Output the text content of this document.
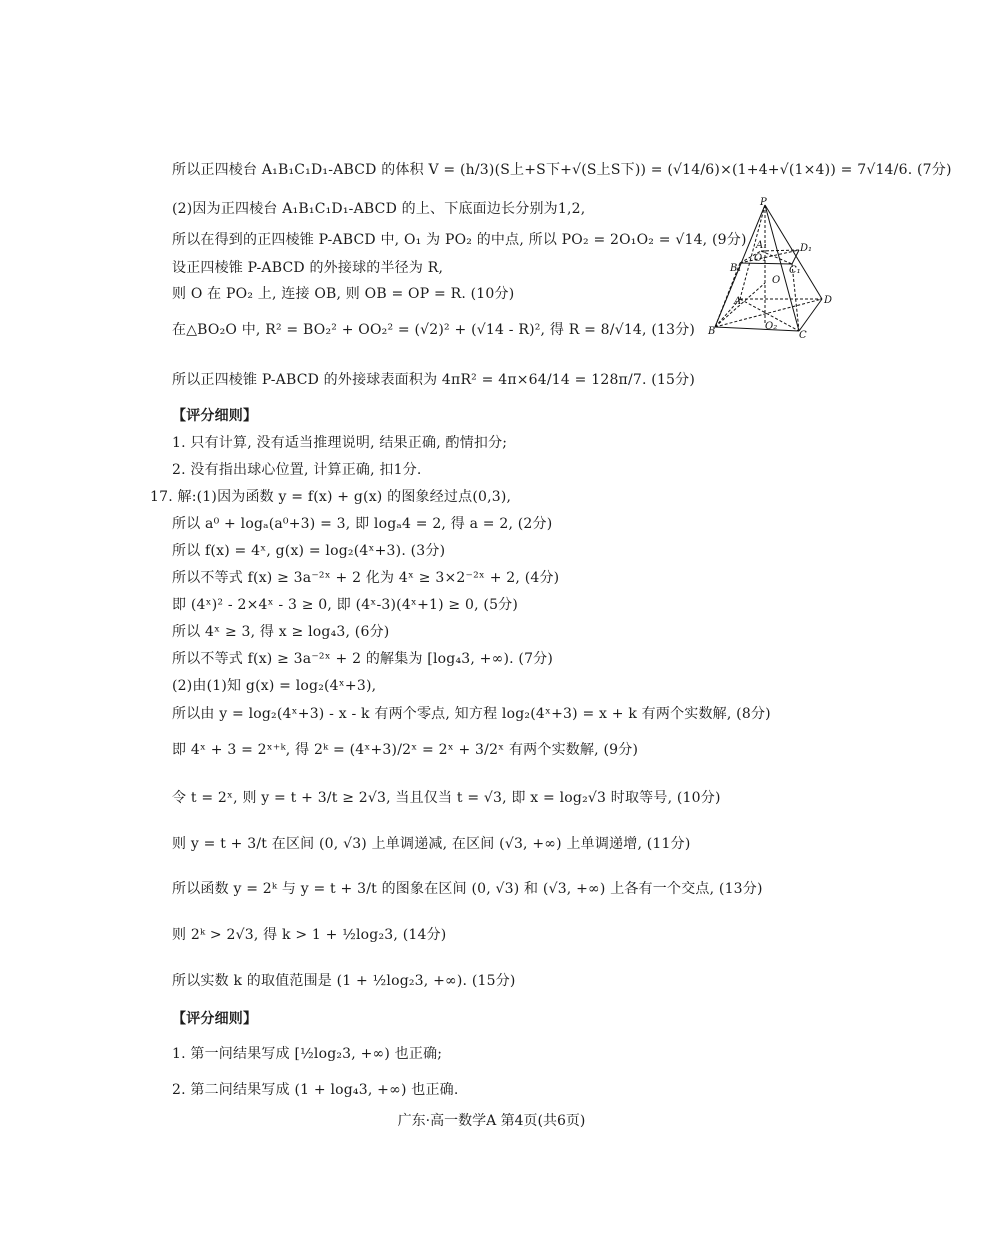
所以正四棱台 A₁B₁C₁D₁-ABCD 的体积 V = (h/3)(S上+S下+√(S上S下)) = (√14/6)×(1+4+√(1×4)) = 7√14/6. (7分)
(2)因为正四棱台 A₁B₁C₁D₁-ABCD 的上、下底面边长分别为1,2,
所以在得到的正四棱锥 P-ABCD 中, O₁ 为 PO₂ 的中点, 所以 PO₂ = 2O₁O₂ = √14, (9分)
设正四棱锥 P-ABCD 的外接球的半径为 R,
则 O 在 PO₂ 上, 连接 OB, 则 OB = OP = R. (10分)
在△BO₂O 中, R² = BO₂² + OO₂² = (√2)² + (√14 - R)², 得 R = 8/√14, (13分)
所以正四棱锥 P-ABCD 的外接球表面积为 4πR² = 4π×64/14 = 128π/7. (15分)
【评分细则】
1. 只有计算, 没有适当推理说明, 结果正确, 酌情扣分;
2. 没有指出球心位置, 计算正确, 扣1分.
17. 解:(1)因为函数 y = f(x) + g(x) 的图象经过点(0,3),
所以 a⁰ + logₐ(a⁰+3) = 3, 即 logₐ4 = 2, 得 a = 2, (2分)
所以 f(x) = 4ˣ, g(x) = log₂(4ˣ+3). (3分)
所以不等式 f(x) ≥ 3a⁻²ˣ + 2 化为 4ˣ ≥ 3×2⁻²ˣ + 2, (4分)
即 (4ˣ)² - 2×4ˣ - 3 ≥ 0, 即 (4ˣ-3)(4ˣ+1) ≥ 0, (5分)
所以 4ˣ ≥ 3, 得 x ≥ log₄3, (6分)
所以不等式 f(x) ≥ 3a⁻²ˣ + 2 的解集为 [log₄3, +∞). (7分)
(2)由(1)知 g(x) = log₂(4ˣ+3),
所以由 y = log₂(4ˣ+3) - x - k 有两个零点, 知方程 log₂(4ˣ+3) = x + k 有两个实数解, (8分)
即 4ˣ + 3 = 2ˣ⁺ᵏ, 得 2ᵏ = (4ˣ+3)/2ˣ = 2ˣ + 3/2ˣ 有两个实数解, (9分)
令 t = 2ˣ, 则 y = t + 3/t ≥ 2√3, 当且仅当 t = √3, 即 x = log₂√3 时取等号, (10分)
则 y = t + 3/t 在区间 (0, √3) 上单调递减, 在区间 (√3, +∞) 上单调递增, (11分)
所以函数 y = 2ᵏ 与 y = t + 3/t 的图象在区间 (0, √3) 和 (√3, +∞) 上各有一个交点, (13分)
则 2ᵏ > 2√3, 得 k > 1 + ½log₂3, (14分)
所以实数 k 的取值范围是 (1 + ½log₂3, +∞). (15分)
【评分细则】
1. 第一问结果写成 [½log₂3, +∞) 也正确;
2. 第二问结果写成 (1 + log₄3, +∞) 也正确.
P
A₁
O₁
D₁
B₁	C₁
O
A	D
B	O₂
C
广东·高一数学A 第4页(共6页)
